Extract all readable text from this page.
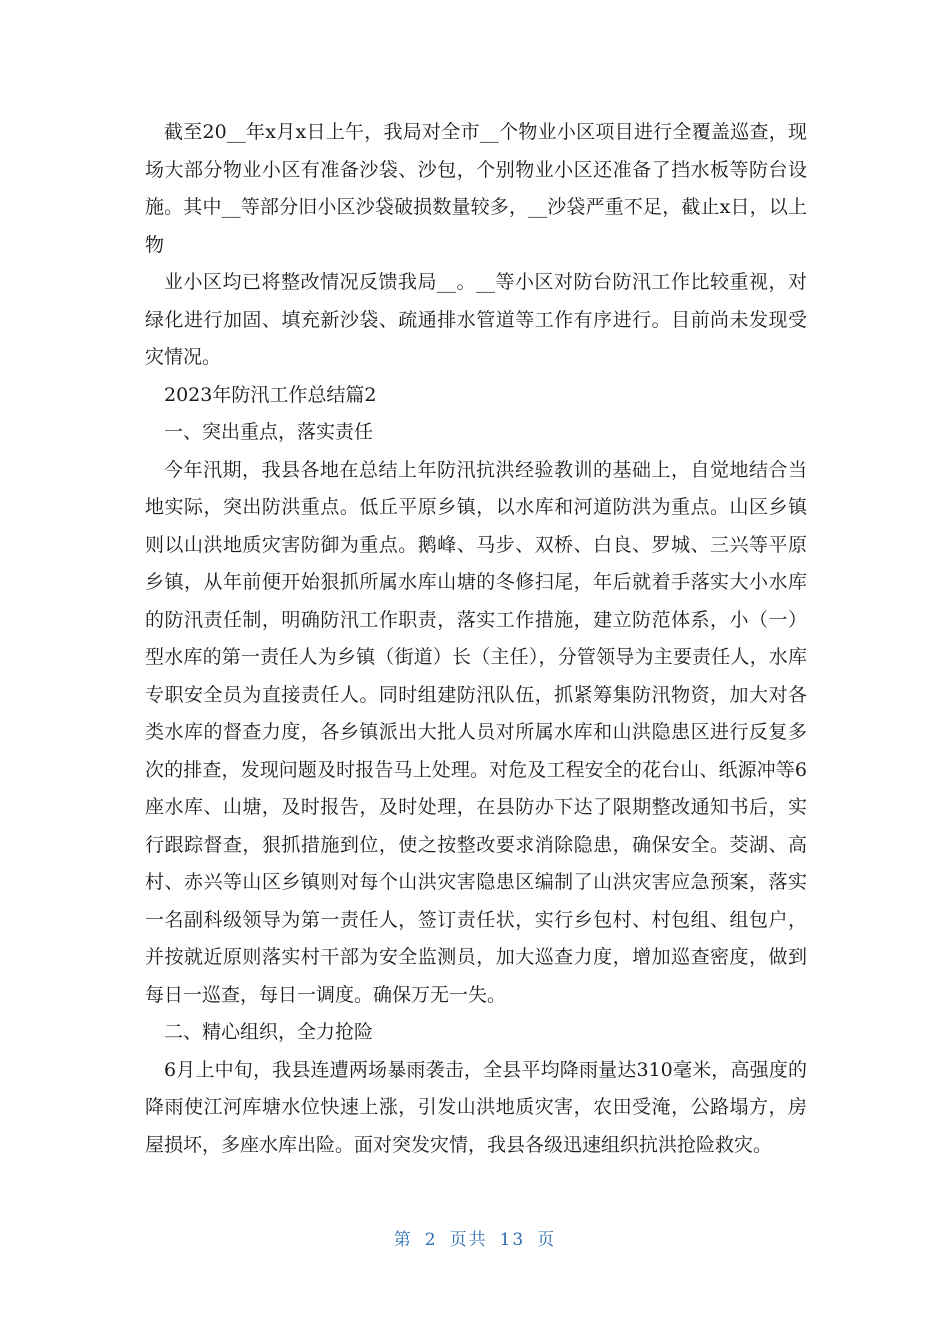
截至20__年x月x日上午，我局对全市__个物业小区项目进行全覆盖巡查，现场大部分物业小区有准备沙袋、沙包，个别物业小区还准备了挡水板等防台设施。其中__等部分旧小区沙袋破损数量较多，__沙袋严重不足，截止x日，以上物

业小区均已将整改情况反馈我局__。__等小区对防台防汛工作比较重视，对绿化进行加固、填充新沙袋、疏通排水管道等工作有序进行。目前尚未发现受灾情况。

2023年防汛工作总结篇2

一、突出重点，落实责任

今年汛期，我县各地在总结上年防汛抗洪经验教训的基础上，自觉地结合当地实际，突出防洪重点。低丘平原乡镇，以水库和河道防洪为重点。山区乡镇则以山洪地质灾害防御为重点。鹅峰、马步、双桥、白良、罗城、三兴等平原乡镇，从年前便开始狠抓所属水库山塘的冬修扫尾，年后就着手落实大小水库的防汛责任制，明确防汛工作职责，落实工作措施，建立防范体系，小（一）型水库的第一责任人为乡镇（街道）长（主任），分管领导为主要责任人，水库专职安全员为直接责任人。同时组建防汛队伍，抓紧筹集防汛物资，加大对各类水库的督查力度，各乡镇派出大批人员对所属水库和山洪隐患区进行反复多次的排查，发现问题及时报告马上处理。对危及工程安全的花台山、纸源冲等6座水库、山塘，及时报告，及时处理，在县防办下达了限期整改通知书后，实行跟踪督查，狠抓措施到位，使之按整改要求消除隐患，确保安全。茭湖、高村、赤兴等山区乡镇则对每个山洪灾害隐患区编制了山洪灾害应急预案，落实一名副科级领导为第一责任人，签订责任状，实行乡包村、村包组、组包户，并按就近原则落实村干部为安全监测员，加大巡查力度，增加巡查密度，做到每日一巡查，每日一调度。确保万无一失。

二、精心组织，全力抢险

6月上中旬，我县连遭两场暴雨袭击，全县平均降雨量达310毫米，高强度的降雨使江河库塘水位快速上涨，引发山洪地质灾害，农田受淹，公路塌方，房屋损坏，多座水库出险。面对突发灾情，我县各级迅速组织抗洪抢险救灾。

第 2 页共 13 页
